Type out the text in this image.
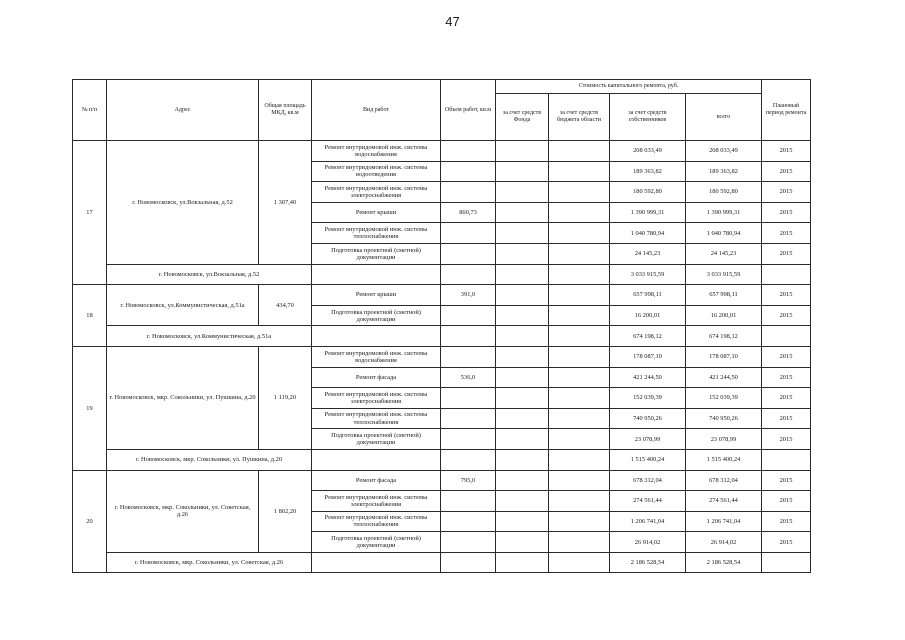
47
№ п/п	Адрес	Общая площадь МКД, кв.м	Вид работ	Объем работ, кв.м	Стоимость капитального ремонта, руб.				Плановый период ремонта
					за счет средств Фонда	за счет средств бюджета области	за счет средств собственников	всего	
17	г. Новомосковск, ул.Вокзальная, д.52	1 307,40	Ремонт внутридомовой инж. системы водоснабжения				208 033,49	208 033,49	2015
			Ремонт внутридомовой инж. системы водоотведения				189 363,82	189 363,82	2015
			Ремонт внутридомовой инж. системы электроснабжения				180 592,80	180 592,80	2015
			Ремонт крыши	860,73			1 390 999,31	1 390 999,31	2015
			Ремонт внутридомовой инж. системы теплоснабжения				1 040 780,94	1 040 780,94	2015
			Подготовка проектной (сметной) документации				24 145,23	24 145,23	2015
	г. Новомосковск, ул.Вокзальная, д.52						3 033 915,59	3 033 915,59	
18	г. Новомосковск, ул.Коммунистическая, д.51а	434,70	Ремонт крыши	391,0			657 998,11	657 998,11	2015
			Подготовка проектной (сметной) документации				16 200,01	16 200,01	2015
	г. Новомосковск, ул.Коммунистическая, д.51а						674 198,12	674 198,12	
19	г. Новомосковск, мкр. Сокольники, ул. Пушкина, д.20	1 119,20	Ремонт внутридомовой инж. системы водоснабжения				178 087,10	178 087,10	2015
			Ремонт фасада	536,0			421 244,50	421 244,50	2015
			Ремонт внутридомовой инж. системы электроснабжения				152 039,39	152 039,39	2015
			Ремонт внутридомовой инж. системы теплоснабжения				740 950,26	740 950,26	2015
			Подготовка проектной (сметной) документации				23 078,99	23 078,99	2015
	г. Новомосковск, мкр. Сокольники, ул. Пушкина, д.20						1 515 400,24	1 515 400,24	
20	г. Новомосковск, мкр. Сокольники, ул. Советская, д.26	1 802,20	Ремонт фасада	795,0			678 312,04	678 312,04	2015
			Ремонт внутридомовой инж. системы электроснабжения				274 561,44	274 561,44	2015
			Ремонт внутридомовой инж. системы теплоснабжения				1 206 741,04	1 206 741,04	2015
			Подготовка проектной (сметной) документации				26 914,02	26 914,02	2015
	г. Новомосковск, мкр. Сокольники, ул. Советская, д.26						2 186 528,54	2 186 528,54	
